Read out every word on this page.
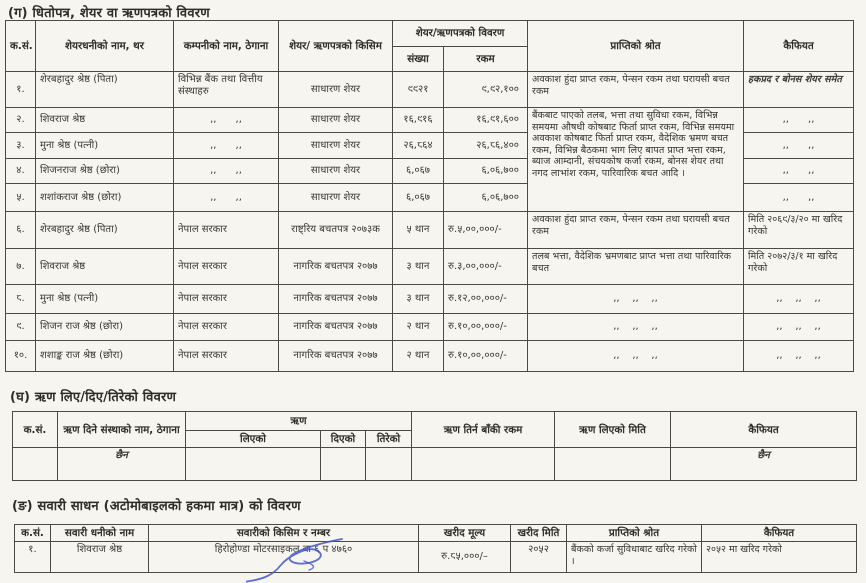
(ग) धितोपत्र, शेयर वा ऋणपत्रको विवरण
क.सं.	शेयरधनीको नाम, थर	कम्पनीको नाम, ठेगाना	शेयर/ ऋणपत्रको किसिम	शेयर/ऋणपत्रको विवरण		प्राप्तिको श्रोत	कैफियत
				संख्या	रकम		
१.	शेरबहादुर श्रेष्ठ (पिता)	विभिन्न बैंक तथा वित्तीय संस्थाहरु	साधारण शेयर	९९२१	९,९२,१००	अवकाश हुंदा प्राप्त रकम, पेन्सन रकम तथा घरायसी बचत रकम	हकप्रद र बोनस शेयर समेत
२.	शिवराज श्रेष्ठ	,,      ,,	साधारण शेयर	१६,९१६	१६,९१,६००	बैंकबाट पाएको तलब, भत्ता तथा सुविधा रकम, विभिन्न समयमा औषधी कोषबाट फिर्ता प्राप्त रकम, विभिन्न समयमा अवकाश कोषबाट फिर्ता प्राप्त रकम, वैदेशिक भ्रमण बचत रकम, विभिन्न बैठकमा भाग लिए बापत प्राप्त भत्ता रकम, ब्याज आम्दानी, संचयकोष कर्जा रकम, बोनस शेयर तथा नगद लाभांश रकम, पारिवारिक बचत आदि ।	,,      ,,
३.	मुना श्रेष्ठ (पत्नी)	,,      ,,	साधारण शेयर	२६,८६४	२६,८६,४००		,,      ,,
४.	शिजनराज श्रेष्ठ (छोरा)	,,      ,,	साधारण शेयर	६,०६७	६,०६,७००		,,      ,,
५.	शशांकराज श्रेष्ठ (छोरा)	,,      ,,	साधारण शेयर	६,०६७	६,०६,७००		,,      ,,
६.	शेरबहादुर श्रेष्ठ (पिता)	नेपाल सरकार	राष्ट्रिय बचतपत्र २०७३क	५ थान	रु.५,००,०००/-	अवकाश हुंदा प्राप्त रकम, पेन्सन रकम तथा घरायसी बचत रकम	मिति २०६९/३/२० मा खरिद गरेको
७.	शिवराज श्रेष्ठ	नेपाल सरकार	नागरिक बचतपत्र २०७७	३ थान	रु.३,००,०००/-	तलब भत्ता, वैदेशिक भ्रमणबाट प्राप्त भत्ता तथा पारिवारिक बचत	मिति २०७२/३/१ मा खरिद गरेको
८.	मुना श्रेष्ठ (पत्नी)	नेपाल सरकार	नागरिक बचतपत्र २०७७	३ थान	रु.१२,००,०००/-	,,    ,,    ,,	,,    ,,    ,,
९.	शिजन राज श्रेष्ठ (छोरा)	नेपाल सरकार	नागरिक बचतपत्र २०७७	२ थान	रु.१०,००,०००/-	,,    ,,    ,,	,,    ,,    ,,
१०.	शशाङ्क राज श्रेष्ठ (छोरा)	नेपाल सरकार	नागरिक बचतपत्र २०७७	२ थान	रु.१०,००,०००/-	,,    ,,    ,,	,,    ,,    ,,
(घ) ऋण लिए/दिए/तिरेको विवरण
क.सं.	ऋण दिने संस्थाको नाम, ठेगाना	ऋण			ऋण तिर्न बाँकी रकम	ऋण लिएको मिति	कैफियत
		लिएको	दिएको	तिरेको			
	छैन						छैन
(ङ) सवारी साधन (अटोमोबाइलको हकमा मात्र) को विवरण
क.सं.	सवारी धनीको नाम	सवारीको किसिम र नम्बर	खरीद मूल्य	खरीद मिति	प्राप्तिको श्रोत	कैफियत
१.	शिवराज श्रेष्ठ	हिरोहोण्डा मोटरसाइकल बा ६ प ४७६०	रु.८५,०००/–	२०५२	बैंकको कर्जा सुविधाबाट खरिद गरेको ।	२०५२ मा खरिद गरेको
